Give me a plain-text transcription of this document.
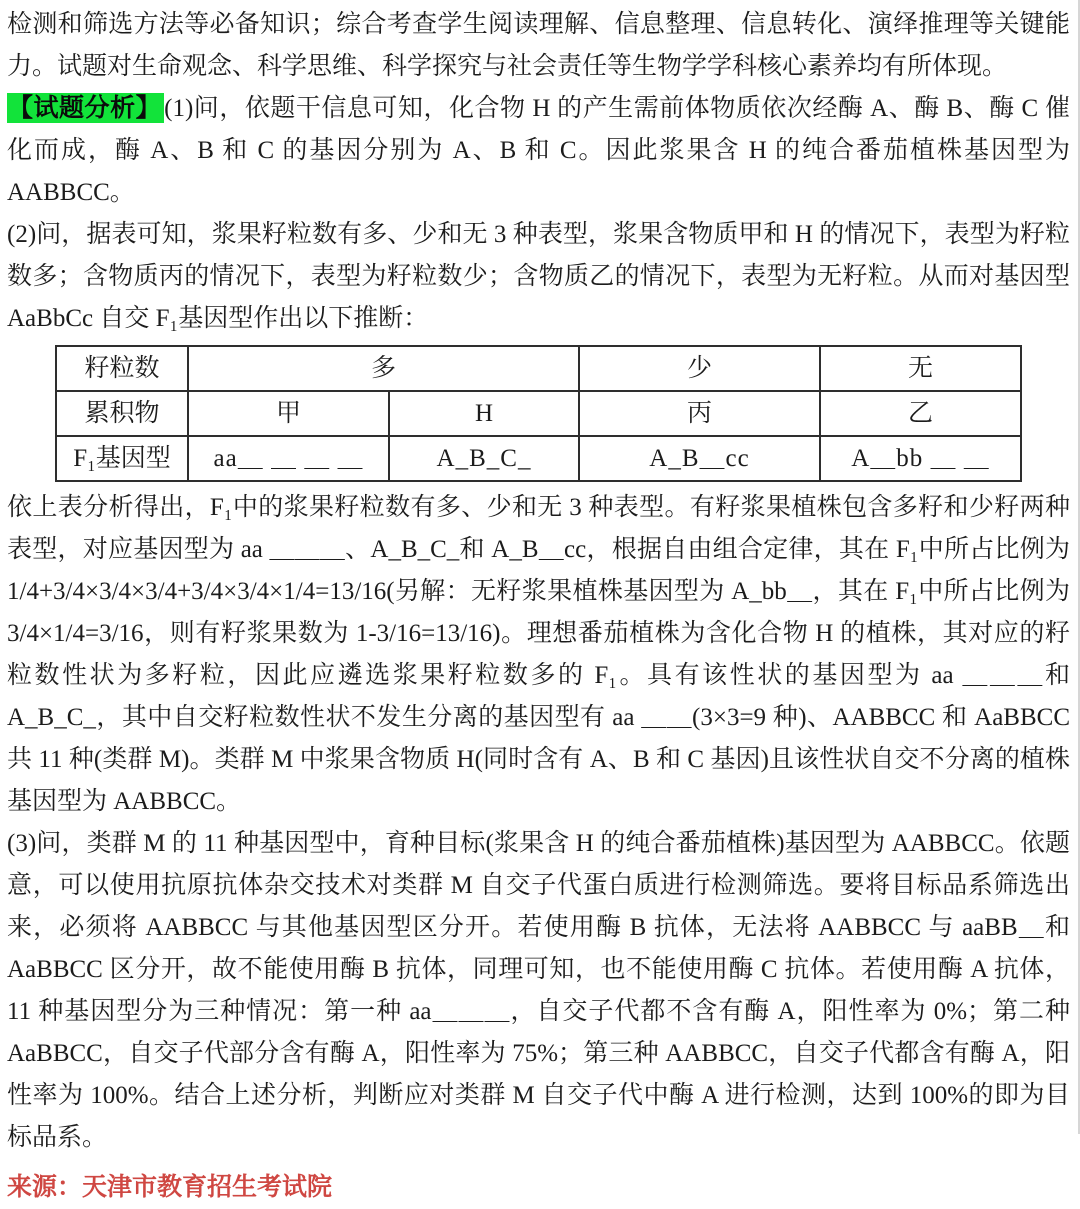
检测和筛选方法等必备知识；综合考查学生阅读理解、信息整理、信息转化、演绎推理等关键能力。试题对生命观念、科学思维、科学探究与社会责任等生物学学科核心素养均有所体现。

【试题分析】 (1)问，依题干信息可知，化合物 H 的产生需前体物质依次经酶 A、酶 B、酶 C 催化而成，酶 A、B 和 C 的基因分别为 A、B 和 C。因此浆果含 H 的纯合番茄植株基因型为 AABBCC。

(2)问，据表可知，浆果籽粒数有多、少和无 3 种表型，浆果含物质甲和 H 的情况下，表型为籽粒数多；含物质丙的情况下，表型为籽粒数少；含物质乙的情况下，表型为无籽粒。从而对基因型 AaBbCc 自交 F₁基因型作出以下推断：

籽粒数	多		少	无
累积物	甲	H	丙	乙
F₁基因型	aa＿ ＿ ＿ ＿	A_B_C_	A_B＿cc	A＿bb ＿ ＿

依上表分析得出，F₁中的浆果籽粒数有多、少和无 3 种表型。有籽浆果植株包含多籽和少籽两种表型，对应基因型为 aa ＿＿＿、A_B_C_和 A_B＿cc，根据自由组合定律，其在 F₁中所占比例为 1/4+3/4×3/4×3/4+3/4×3/4×1/4=13/16(另解：无籽浆果植株基因型为 A_bb＿，其在 F₁中所占比例为 3/4×1/4=3/16，则有籽浆果数为 1-3/16=13/16)。理想番茄植株为含化合物 H 的植株，其对应的籽粒数性状为多籽粒，因此应遴选浆果籽粒数多的 F₁。具有该性状的基因型为 aa ＿＿＿和 A_B_C_，其中自交籽粒数性状不发生分离的基因型有 aa ＿＿(3×3=9 种)、AABBCC 和 AaBBCC 共 11 种(类群 M)。类群 M 中浆果含物质 H(同时含有 A、B 和 C 基因)且该性状自交不分离的植株基因型为 AABBCC。

(3)问，类群 M 的 11 种基因型中，育种目标(浆果含 H 的纯合番茄植株)基因型为 AABBCC。依题意，可以使用抗原抗体杂交技术对类群 M 自交子代蛋白质进行检测筛选。要将目标品系筛选出来，必须将 AABBCC 与其他基因型区分开。若使用酶 B 抗体，无法将 AABBCC 与 aaBB＿和 AaBBCC 区分开，故不能使用酶 B 抗体，同理可知，也不能使用酶 C 抗体。若使用酶 A 抗体，11 种基因型分为三种情况：第一种 aa＿＿＿，自交子代都不含有酶 A，阳性率为 0%；第二种 AaBBCC，自交子代部分含有酶 A，阳性率为 75%；第三种 AABBCC，自交子代都含有酶 A，阳性率为 100%。结合上述分析，判断应对类群 M 自交子代中酶 A 进行检测，达到 100%的即为目标品系。

来源：天津市教育招生考试院
